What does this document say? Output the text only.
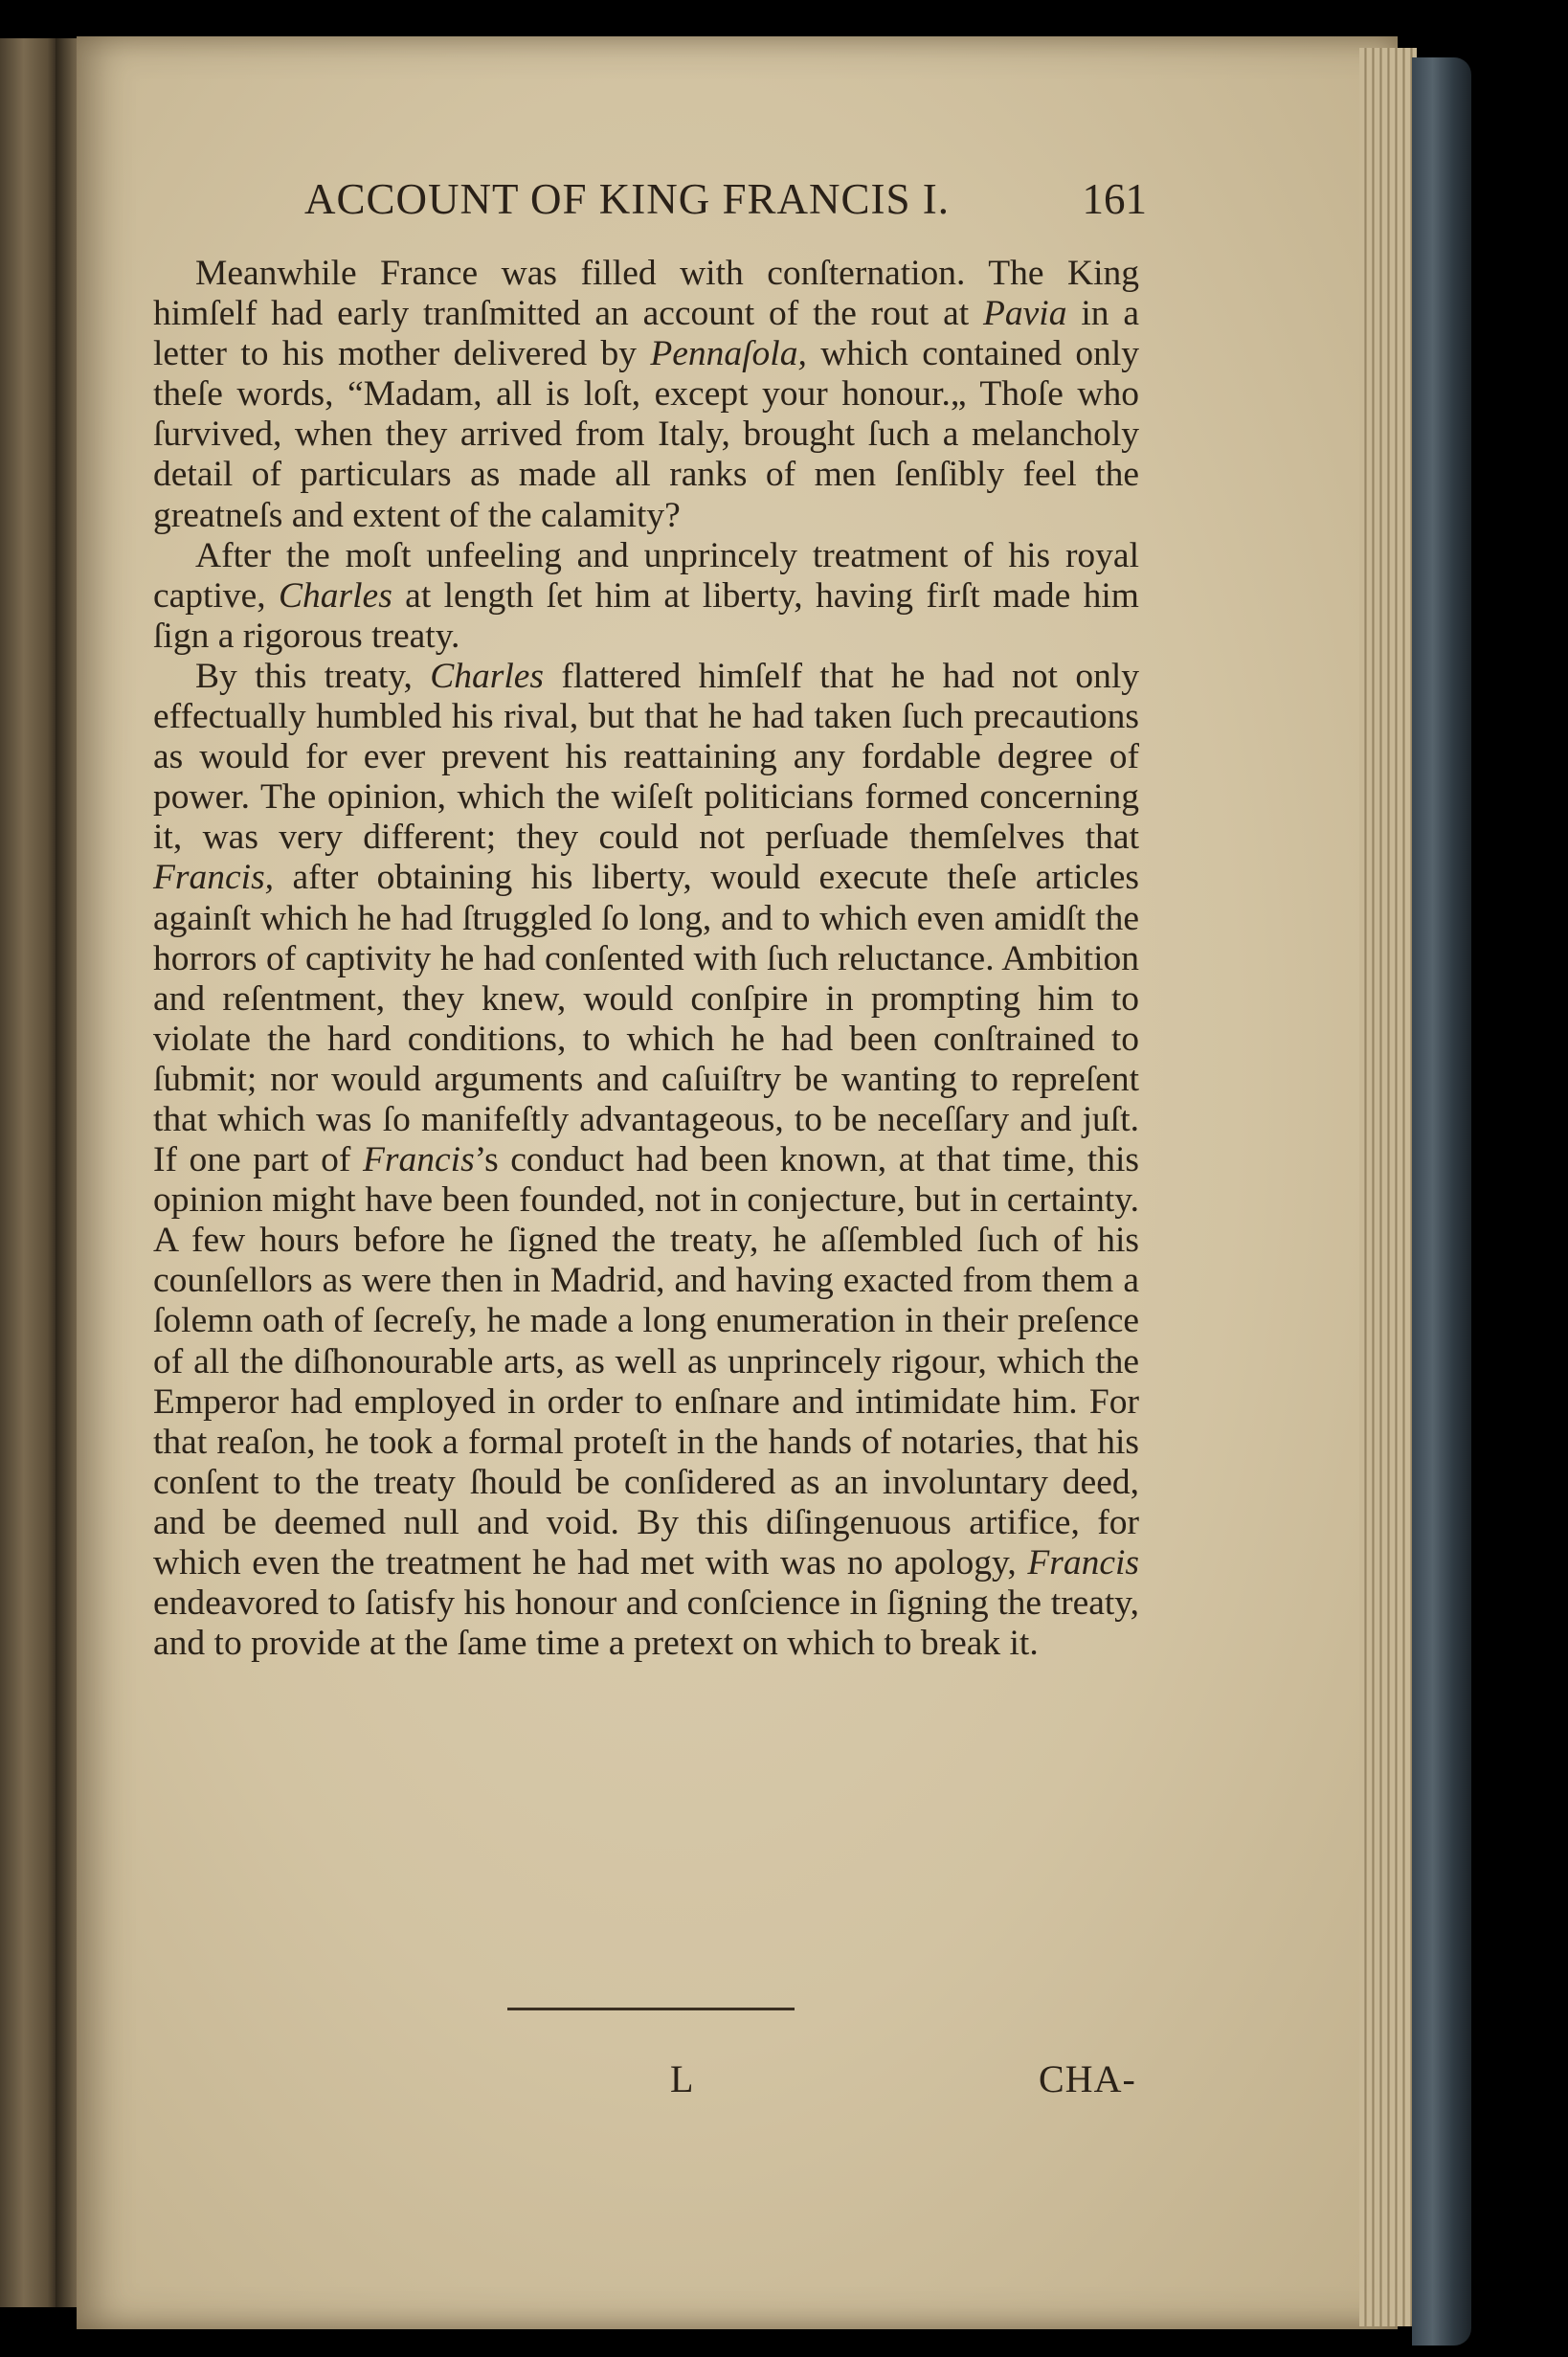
ACCOUNT OF KING FRANCIS I.	161

Meanwhile France was filled with conſternation. The King himſelf had early tranſmitted an account of the rout at Pavia in a letter to his mother delivered by Pennaſola, which contained only theſe words, “Madam, all is loſt, except your honour.„ Thoſe who ſurvived, when they arrived from Italy, brought ſuch a melancholy detail of particulars as made all ranks of men ſenſibly feel the greatneſs and extent of the calamity?

After the moſt unfeeling and unprincely treatment of his royal captive, Charles at length ſet him at liberty, having firſt made him ſign a rigorous treaty.

By this treaty, Charles flattered himſelf that he had not only effectually humbled his rival, but that he had taken ſuch precautions as would for ever prevent his reattaining any fordable degree of power. The opinion, which the wiſeſt politicians formed concerning it, was very different; they could not perſuade themſelves that Francis, after obtaining his liberty, would execute theſe articles againſt which he had ſtruggled ſo long, and to which even amidſt the horrors of captivity he had conſented with ſuch reluctance. Ambition and reſentment, they knew, would conſpire in prompting him to violate the hard conditions, to which he had been conſtrained to ſubmit; nor would arguments and caſuiſtry be wanting to repreſent that which was ſo manifeſtly advantageous, to be neceſſary and juſt. If one part of Francis’s conduct had been known, at that time, this opinion might have been founded, not in conjecture, but in certainty. A few hours before he ſigned the treaty, he aſſembled ſuch of his counſellors as were then in Madrid, and having exacted from them a ſolemn oath of ſecreſy, he made a long enumeration in their preſence of all the diſhonourable arts, as well as unprincely rigour, which the Emperor had employed in order to enſnare and intimidate him. For that reaſon, he took a formal proteſt in the hands of notaries, that his conſent to the treaty ſhould be conſidered as an involuntary deed, and be deemed null and void. By this diſingenuous artifice, for which even the treatment he had met with was no apology, Francis endeavored to ſatisfy his honour and conſcience in ſigning the treaty, and to provide at the ſame time a pretext on which to break it.

L	CHA-
